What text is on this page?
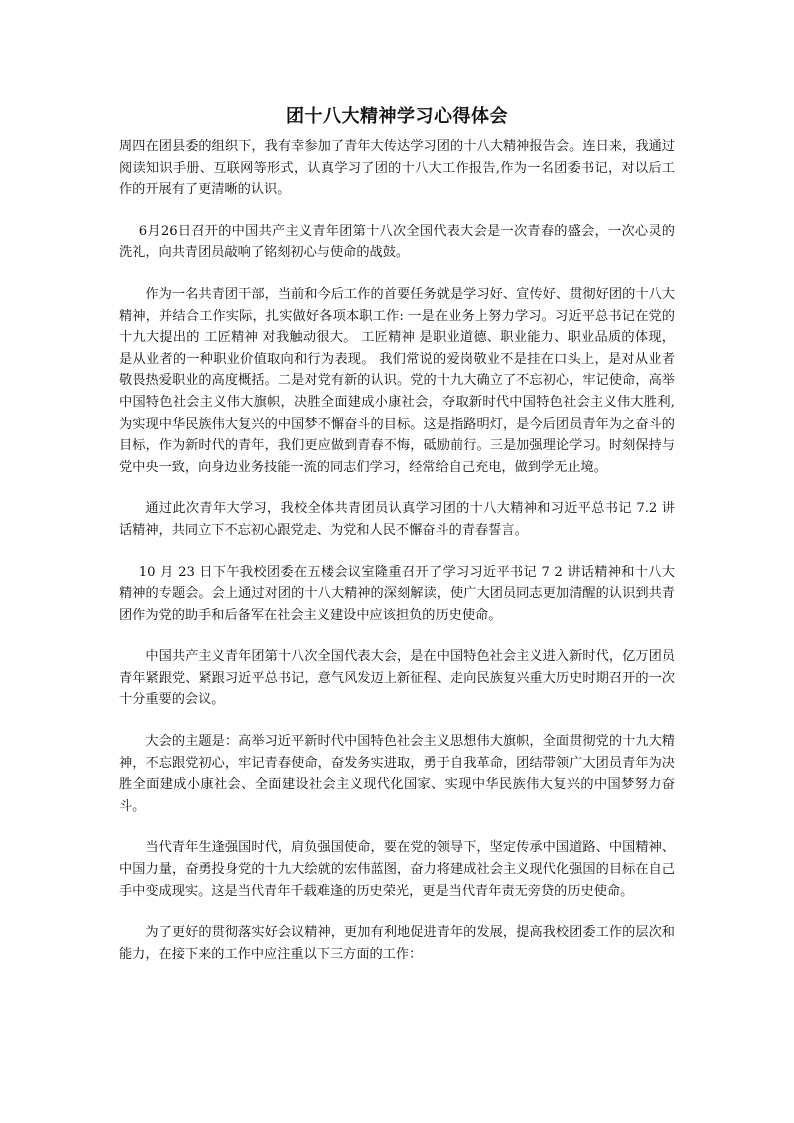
团十八大精神学习心得体会

周四在团县委的组织下，我有幸参加了青年大传达学习团的十八大精神报告会。连日来，我通过阅读知识手册、互联网等形式，认真学习了团的十八大工作报告,作为一名团委书记，对以后工作的开展有了更清晰的认识。

6月26日召开的中国共产主义青年团第十八次全国代表大会是一次青春的盛会，一次心灵的洗礼，向共青团员敲响了铭刻初心与使命的战鼓。

作为一名共青团干部，当前和今后工作的首要任务就是学习好、宣传好、贯彻好团的十八大精神，并结合工作实际，扎实做好各项本职工作: 一是在业务上努力学习。习近平总书记在党的十九大提出的 工匠精神 对我触动很大。 工匠精神 是职业道德、职业能力、职业品质的体现，是从业者的一种职业价值取向和行为表现。 我们常说的爱岗敬业不是挂在口头上，是对从业者敬畏热爱职业的高度概括。二是对党有新的认识。党的十九大确立了不忘初心，牢记使命，高举中国特色社会主义伟大旗帜，决胜全面建成小康社会，夺取新时代中国特色社会主义伟大胜利, 为实现中华民族伟大复兴的中国梦不懈奋斗的目标。这是指路明灯，是今后团员青年为之奋斗的目标，作为新时代的青年，我们更应做到青春不悔，砥励前行。三是加强理论学习。时刻保持与党中央一致，向身边业务技能一流的同志们学习，经常给自己充电，做到学无止境。

通过此次青年大学习，我校全体共青团员认真学习团的十八大精神和习近平总书记 7.2 讲话精神，共同立下不忘初心跟党走、为党和人民不懈奋斗的青春誓言。

10 月 23 日下午我校团委在五楼会议室隆重召开了学习习近平书记 7 2 讲话精神和十八大精神的专题会。会上通过对团的十八大精神的深刻解读，使广大团员同志更加清醒的认识到共青团作为党的助手和后备军在社会主义建设中应该担负的历史使命。

中国共产主义青年团第十八次全国代表大会，是在中国特色社会主义进入新时代，亿万团员青年紧跟党、紧跟习近平总书记，意气风发迈上新征程、走向民族复兴重大历史时期召开的一次十分重要的会议。

大会的主题是：高举习近平新时代中国特色社会主义思想伟大旗帜，全面贯彻党的十九大精神，不忘跟党初心，牢记青春使命，奋发务实进取，勇于自我革命，团结带领广大团员青年为决胜全面建成小康社会、全面建设社会主义现代化国家、实现中华民族伟大复兴的中国梦努力奋斗。

当代青年生逢强国时代，肩负强国使命，要在党的领导下，坚定传承中国道路、中国精神、中国力量，奋勇投身党的十九大绘就的宏伟蓝图，奋力将建成社会主义现代化强国的目标在自己手中变成现实。这是当代青年千载难逢的历史荣光，更是当代青年责无旁贷的历史使命。

为了更好的贯彻落实好会议精神，更加有利地促进青年的发展，提高我校团委工作的层次和能力，在接下来的工作中应注重以下三方面的工作：
